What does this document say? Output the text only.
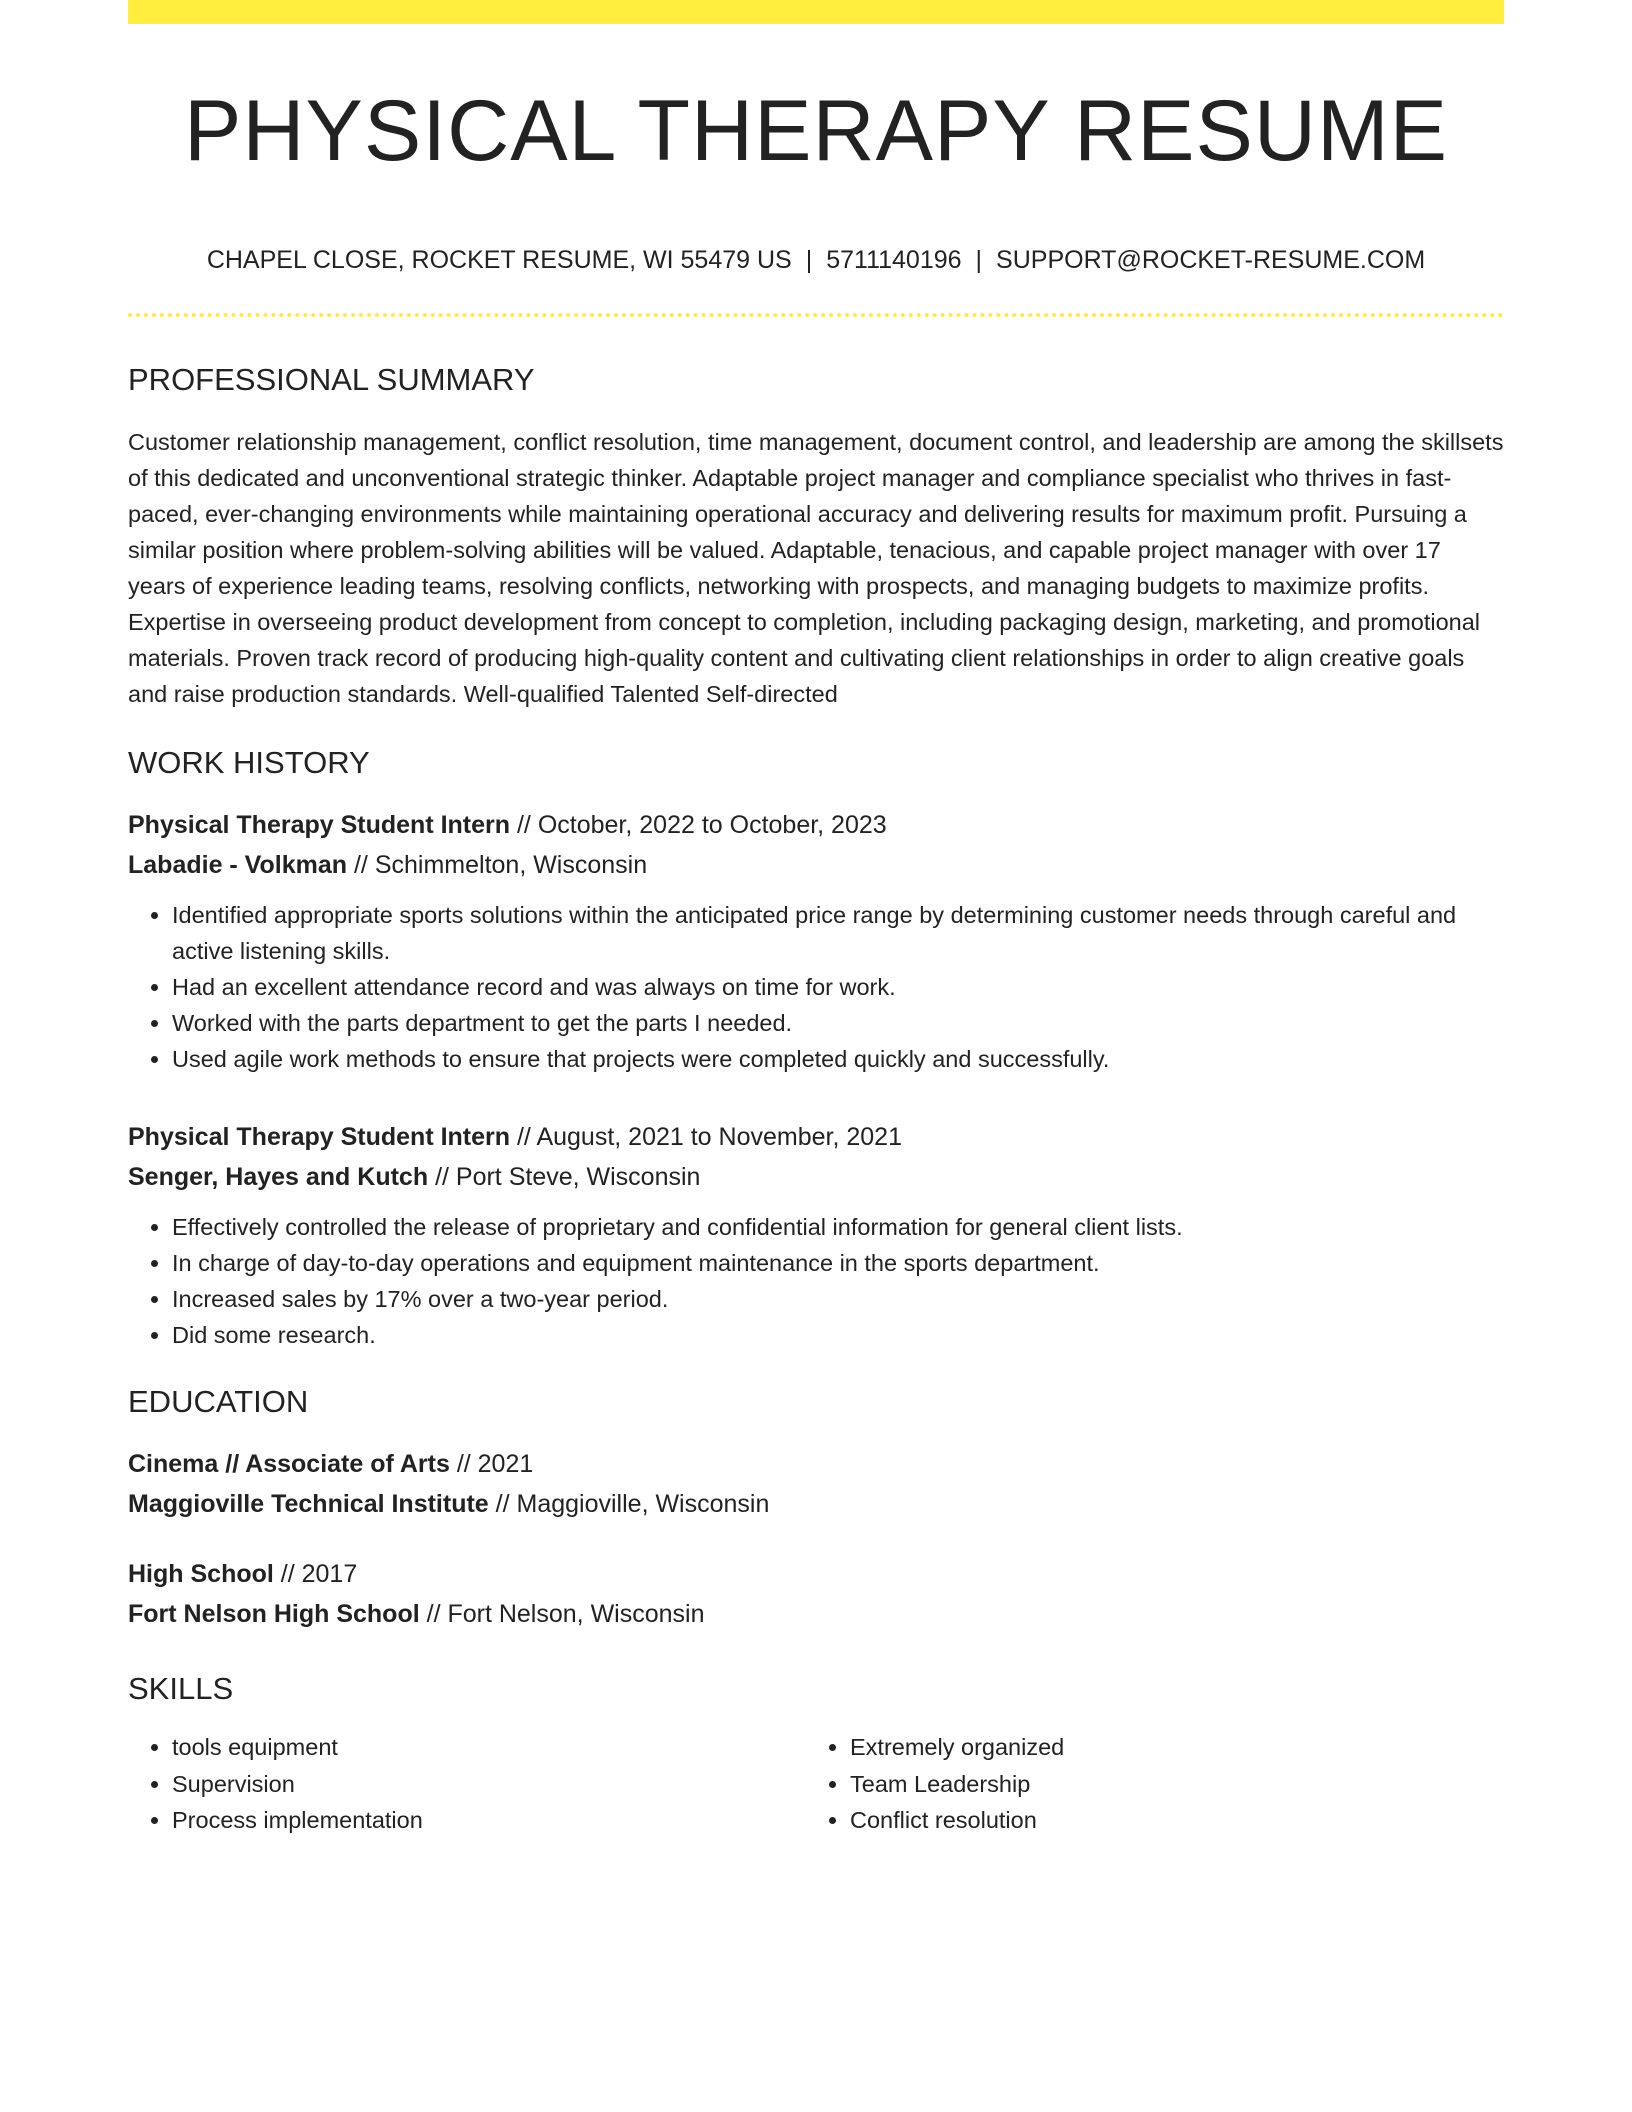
PHYSICAL THERAPY RESUME
CHAPEL CLOSE, ROCKET RESUME, WI 55479 US | 5711140196 | SUPPORT@ROCKET-RESUME.COM
PROFESSIONAL SUMMARY
Customer relationship management, conflict resolution, time management, document control, and leadership are among the skillsets of this dedicated and unconventional strategic thinker. Adaptable project manager and compliance specialist who thrives in fast-paced, ever-changing environments while maintaining operational accuracy and delivering results for maximum profit. Pursuing a similar position where problem-solving abilities will be valued. Adaptable, tenacious, and capable project manager with over 17 years of experience leading teams, resolving conflicts, networking with prospects, and managing budgets to maximize profits. Expertise in overseeing product development from concept to completion, including packaging design, marketing, and promotional materials. Proven track record of producing high-quality content and cultivating client relationships in order to align creative goals and raise production standards. Well-qualified Talented Self-directed
WORK HISTORY
Physical Therapy Student Intern // October, 2022 to October, 2023
Labadie - Volkman // Schimmelton, Wisconsin
• Identified appropriate sports solutions within the anticipated price range by determining customer needs through careful and active listening skills.
• Had an excellent attendance record and was always on time for work.
• Worked with the parts department to get the parts I needed.
• Used agile work methods to ensure that projects were completed quickly and successfully.
Physical Therapy Student Intern // August, 2021 to November, 2021
Senger, Hayes and Kutch // Port Steve, Wisconsin
• Effectively controlled the release of proprietary and confidential information for general client lists.
• In charge of day-to-day operations and equipment maintenance in the sports department.
• Increased sales by 17% over a two-year period.
• Did some research.
EDUCATION
Cinema // Associate of Arts // 2021
Maggioville Technical Institute // Maggioville, Wisconsin
High School // 2017
Fort Nelson High School // Fort Nelson, Wisconsin
SKILLS
• tools equipment
• Supervision
• Process implementation
• Extremely organized
• Team Leadership
• Conflict resolution
